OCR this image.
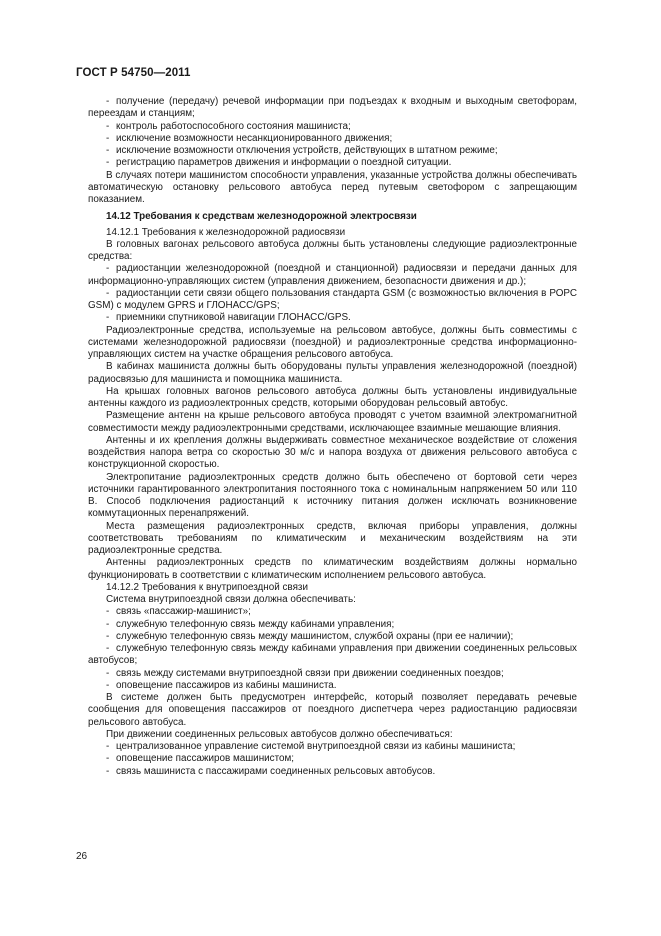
ГОСТ Р 54750—2011

- получение (передачу) речевой информации при подъездах к входным и выходным светофорам, переездам и станциям;

- контроль работоспособного состояния машиниста;

- исключение возможности несанкционированного движения;

- исключение возможности отключения устройств, действующих в штатном режиме;

- регистрацию параметров движения и информации о поездной ситуации.

В случаях потери машинистом способности управления, указанные устройства должны обеспечивать автоматическую остановку рельсового автобуса перед путевым светофором с запрещающим показанием.

14.12 Требования к средствам железнодорожной электросвязи

14.12.1 Требования к железнодорожной радиосвязи

В головных вагонах рельсового автобуса должны быть установлены следующие радиоэлектронные средства:

- радиостанции железнодорожной (поездной и станционной) радиосвязи и передачи данных для информационно-управляющих систем (управления движением, безопасности движения и др.);

- радиостанции сети связи общего пользования стандарта GSM (с возможностью включения в РОРС GSM) с модулем GPRS и ГЛОНАСС/GPS;

- приемники спутниковой навигации ГЛОНАСС/GPS.

Радиоэлектронные средства, используемые на рельсовом автобусе, должны быть совместимы с системами железнодорожной радиосвязи (поездной) и радиоэлектронные средства информационно-управляющих систем на участке обращения рельсового автобуса.

В кабинах машиниста должны быть оборудованы пульты управления железнодорожной (поездной) радиосвязью для машиниста и помощника машиниста.

На крышах головных вагонов рельсового автобуса должны быть установлены индивидуальные антенны каждого из радиоэлектронных средств, которыми оборудован рельсовый автобус.

Размещение антенн на крыше рельсового автобуса проводят с учетом взаимной электромагнитной совместимости между радиоэлектронными средствами, исключающее взаимные мешающие влияния.

Антенны и их крепления должны выдерживать совместное механическое воздействие от сложения воздействия напора ветра со скоростью 30 м/с и напора воздуха от движения рельсового автобуса с конструкционной скоростью.

Электропитание радиоэлектронных средств должно быть обеспечено от бортовой сети через источники гарантированного электропитания постоянного тока с номинальным напряжением 50 или 110 В. Способ подключения радиостанций к источнику питания должен исключать возникновение коммутационных перенапряжений.

Места размещения радиоэлектронных средств, включая приборы управления, должны соответствовать требованиям по климатическим и механическим воздействиям на эти радиоэлектронные средства.

Антенны радиоэлектронных средств по климатическим воздействиям должны нормально функционировать в соответствии с климатическим исполнением рельсового автобуса.

14.12.2 Требования к внутрипоездной связи

Система внутрипоездной связи должна обеспечивать:

- связь «пассажир-машинист»;

- служебную телефонную связь между кабинами управления;

- служебную телефонную связь между машинистом, службой охраны (при ее наличии);

- служебную телефонную связь между кабинами управления при движении соединенных рельсовых автобусов;

- связь между системами внутрипоездной связи при движении соединенных поездов;

- оповещение пассажиров из кабины машиниста.

В системе должен быть предусмотрен интерфейс, который позволяет передавать речевые сообщения для оповещения пассажиров от поездного диспетчера через радиостанцию радиосвязи рельсового автобуса.

При движении соединенных рельсовых автобусов должно обеспечиваться:

- централизованное управление системой внутрипоездной связи из кабины машиниста;

- оповещение пассажиров машинистом;

- связь машиниста с пассажирами соединенных рельсовых автобусов.

26
